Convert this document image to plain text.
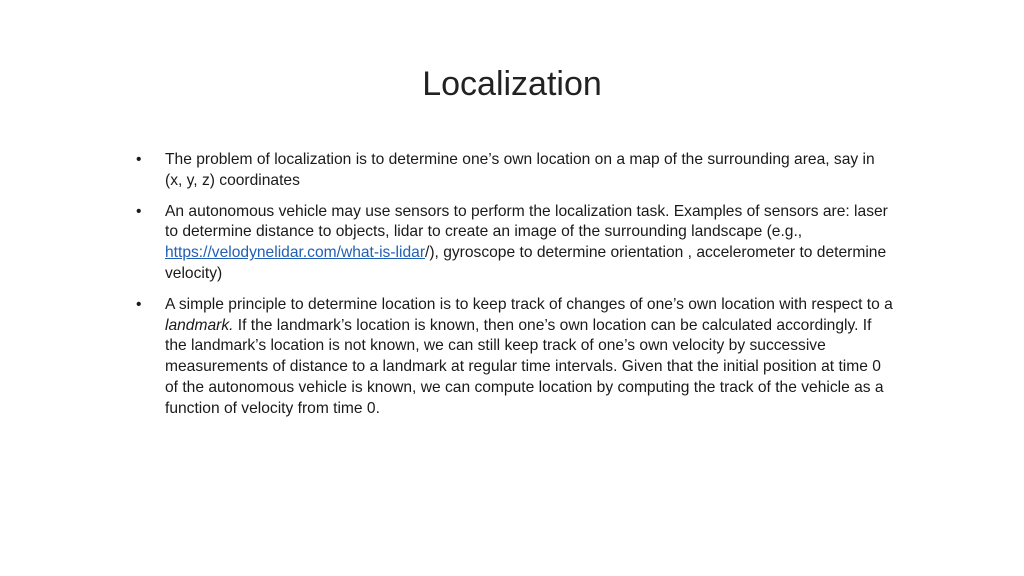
Localization
• The problem of localization is to determine one’s own location on a map of the surrounding area, say in (x, y, z) coordinates
• An autonomous vehicle may use sensors to perform the localization task. Examples of sensors are: laser to determine distance to objects, lidar to create an image of the surrounding landscape (e.g., https://velodynelidar.com/what-is-lidar/), gyroscope to determine orientation , accelerometer to determine velocity)
• A simple principle to determine location is to keep track of changes of one’s own location with respect to a landmark. If the landmark’s location is known, then one’s own location can be calculated accordingly. If the landmark’s location is not known, we can still keep track of one’s own velocity by successive measurements of distance to a landmark at regular time intervals. Given that the initial position at time 0 of the autonomous vehicle is known, we can compute location by computing the track of the vehicle as a function of velocity from time 0.
